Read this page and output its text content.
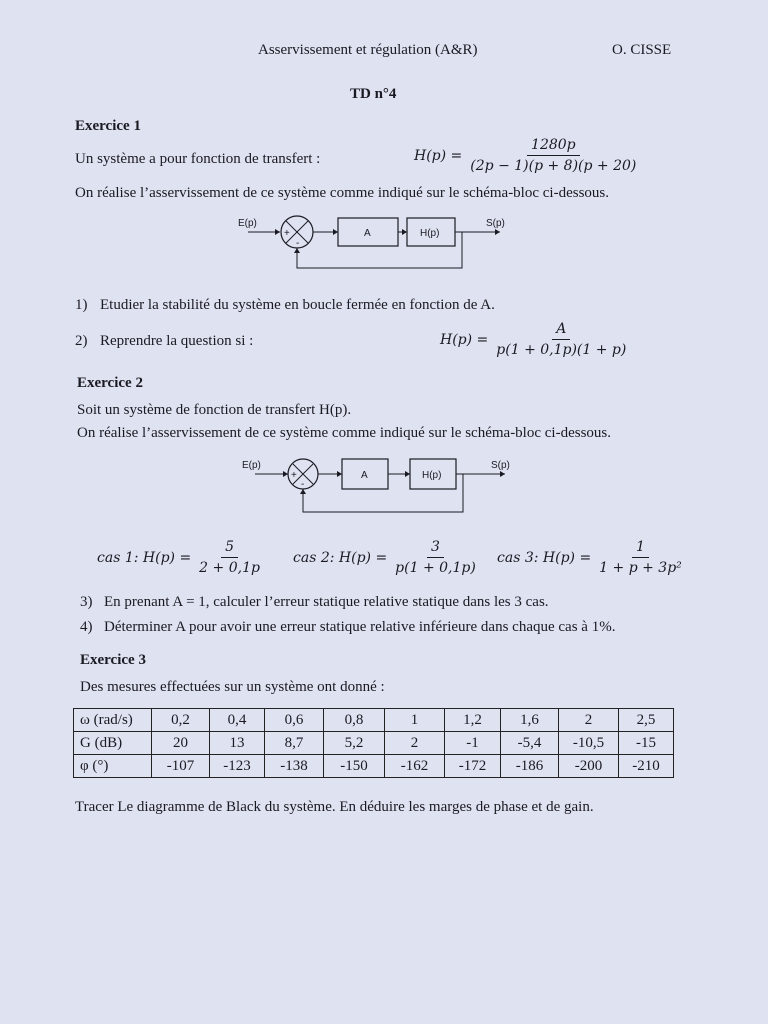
Asservissement et régulation (A&R)	O. CISSE
TD n°4
Exercice 1
Un système a pour fonction de transfert :	$H(p) = \frac{1280p}{(2p - 1)(p + 8)(p + 20)}$
On réalise l’asservissement de ce système comme indiqué sur le schéma-bloc ci-dessous.
E(p)
+
-
A	H(p)
S(p)
1) Etudier la stabilité du système en boucle fermée en fonction de A.
2) Reprendre la question si :	$H(p) = \frac{A}{p(1 + 0,1p)(1 + p)}$
Exercice 2
Soit un système de fonction de transfert H(p).
On réalise l’asservissement de ce système comme indiqué sur le schéma-bloc ci-dessous.
E(p)
+
-
A	H(p)
S(p)
cas 1: $H(p) = \frac{5}{2 + 0,1p}$ cas 2: $H(p) = \frac{3}{p(1 + 0,1p)}$ cas 3: $H(p) = \frac{1}{\text{1 + p + 3p²}}$
3) En prenant A = 1, calculer l’erreur statique relative statique dans les 3 cas.
4) Déterminer A pour avoir une erreur statique relative inférieure dans chaque cas à 1%.
Exercice 3
Des mesures effectuées sur un système ont donné :
ω (rad/s)	0,2	0,4	0,6	0,8	1	1,2	1,6	2	2,5
G (dB)	20	13	8,7	5,2	2	-1	-5,4	-10,5	-15
φ (°)	-107	-123	-138	-150	-162	-172	-186	-200	-210
Tracer Le diagramme de Black du système. En déduire les marges de phase et de gain.
